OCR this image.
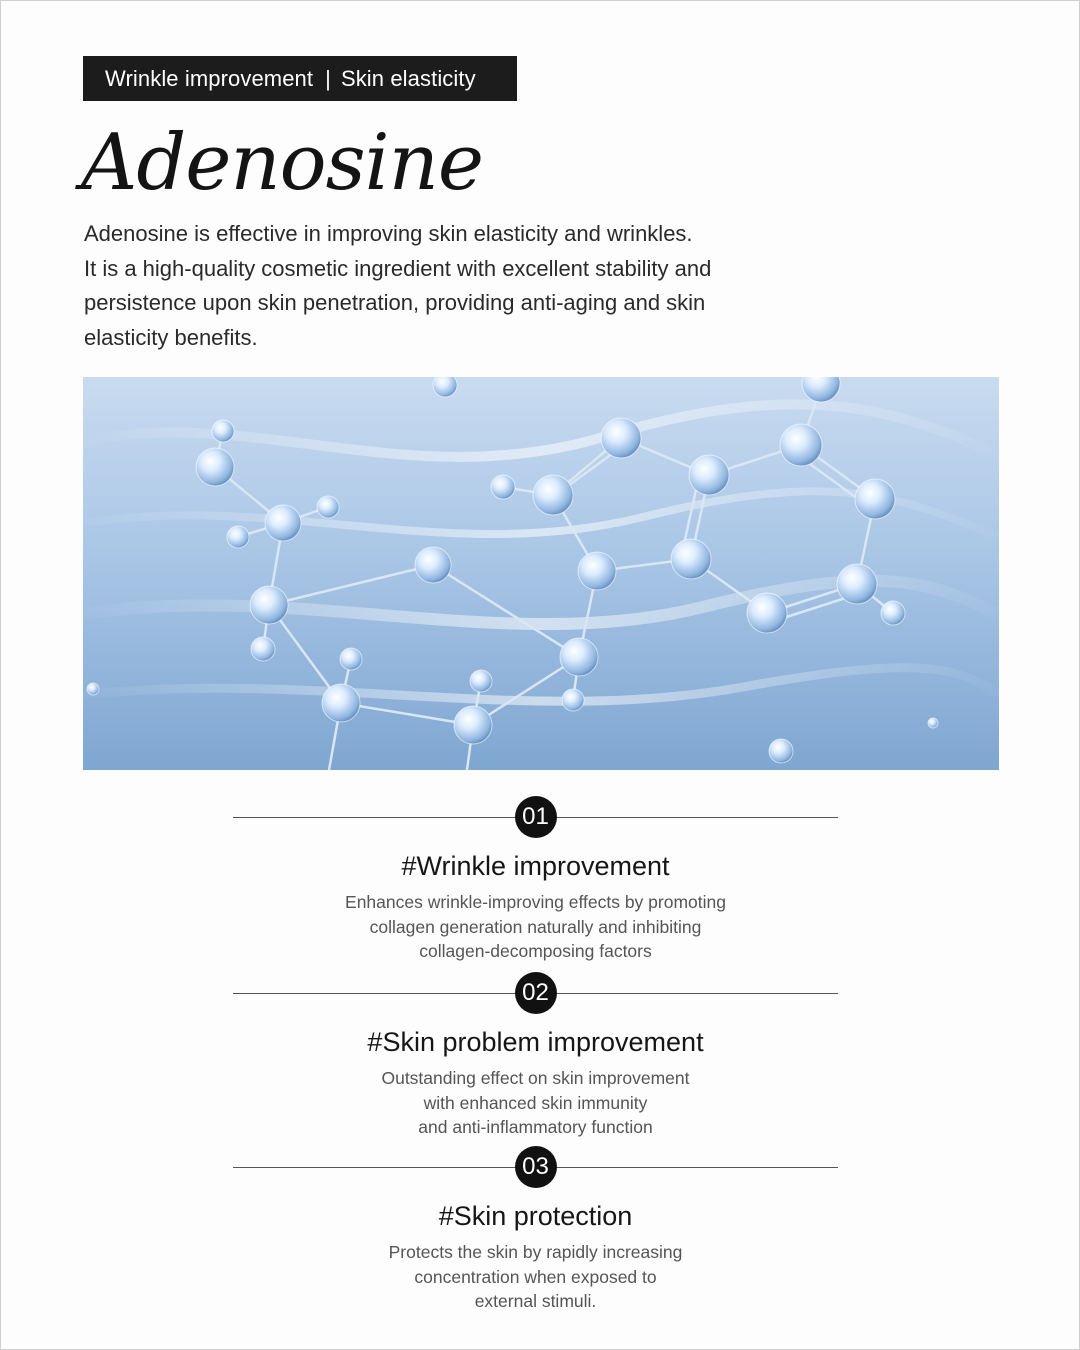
Wrinkle improvement | Skin elasticity
Adenosine

Adenosine is effective in improving skin elasticity and wrinkles.
It is a high-quality cosmetic ingredient with excellent stability and
persistence upon skin penetration, providing anti-aging and skin
elasticity benefits.

01
#Wrinkle improvement

Enhances wrinkle-improving effects by promoting
collagen generation naturally and inhibiting
collagen-decomposing factors

02
#Skin problem improvement

Outstanding effect on skin improvement
with enhanced skin immunity
and anti-inflammatory function

03
#Skin protection

Protects the skin by rapidly increasing
concentration when exposed to
external stimuli.
